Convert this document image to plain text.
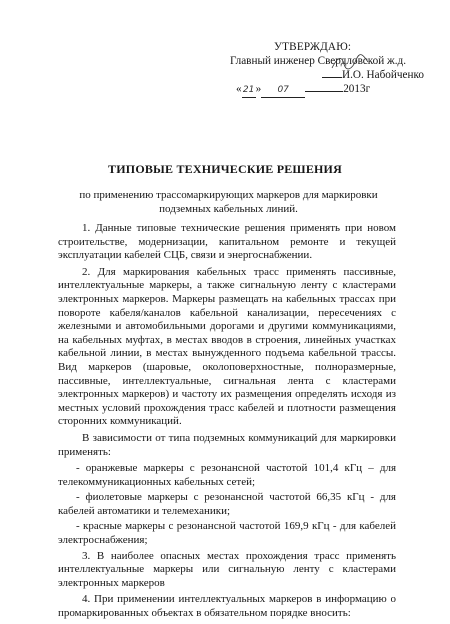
УТВЕРЖДАЮ:
Главный инженер Свердловской ж.д.
И.О. Набойченко
«21» 07	2013г
ТИПОВЫЕ ТЕХНИЧЕСКИЕ РЕШЕНИЯ
по применению трассомаркирующих маркеров для маркировки подземных кабельных линий.

1. Данные типовые технические решения применять при новом строительстве, модернизации, капитальном ремонте и текущей эксплуатации кабелей СЦБ, связи и энергоснабжении.

2. Для маркирования кабельных трасс применять пассивные, интеллектуальные маркеры, а также сигнальную ленту с кластерами электронных маркеров. Маркеры размещать на кабельных трассах при повороте кабеля/каналов кабельной канализации, пересечениях с железными и автомобильными дорогами и другими коммуникациями, на кабельных муфтах, в местах вводов в строения, линейных участках кабельной линии, в местах вынужденного подъема кабельной трассы. Вид маркеров (шаровые, околоповерхностные, полноразмерные, пассивные, интеллектуальные, сигнальная лента с кластерами электронных маркеров) и частоту их размещения определять исходя из местных условий прохождения трасс кабелей и плотности размещения сторонних коммуникаций.

В зависимости от типа подземных коммуникаций для маркировки применять:

- оранжевые маркеры с резонансной частотой 101,4 кГц – для телекоммуникационных кабельных сетей;

- фиолетовые маркеры с резонансной частотой 66,35 кГц - для кабелей автоматики и телемеханики;

- красные маркеры с резонансной частотой 169,9 кГц - для кабелей электроснабжения;

3. В наиболее опасных местах прохождения трасс применять интеллектуальные маркеры или сигнальную ленту с кластерами электронных маркеров

4. При применении интеллектуальных маркеров в информацию о промаркированных объектах в обязательном порядке вносить:
